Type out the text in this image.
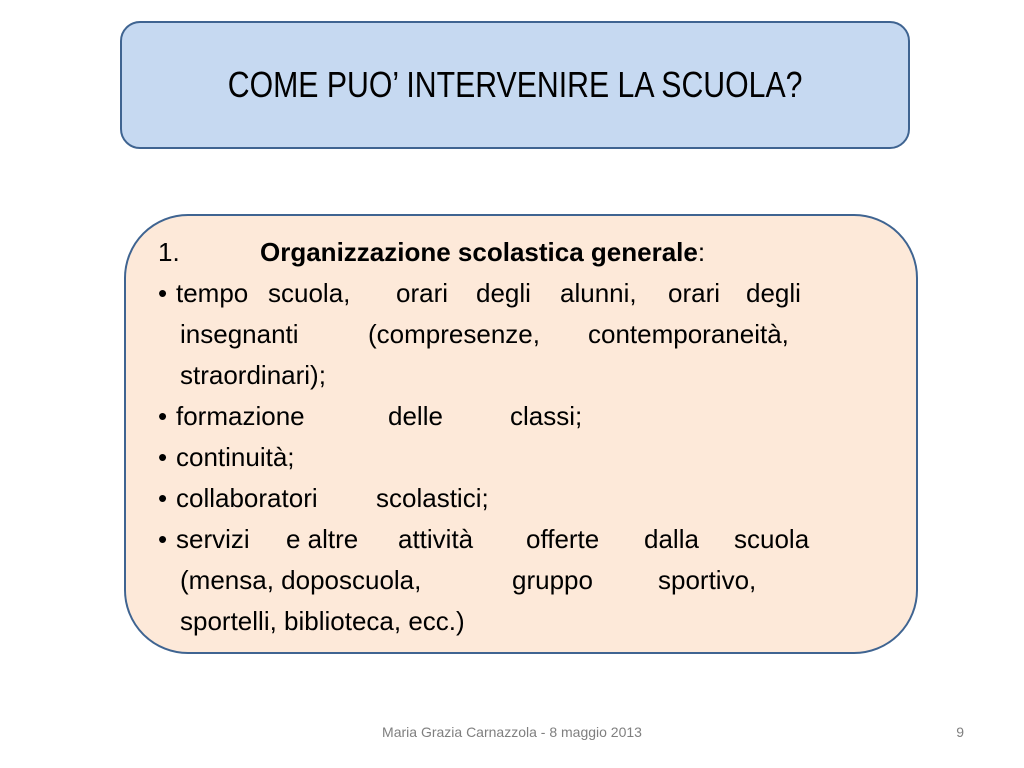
COME PUO’ INTERVENIRE LA SCUOLA?
1.	Organizzazione scolastica generale:
• tempo scuola, orari degli alunni, orari degli
insegnanti	(compresenze, contemporaneità,
straordinari);
• formazione	delle	classi;
• continuità;
• collaboratori scolastici;
• servizi e altre attività offerte dalla scuola
(mensa, doposcuola,	gruppo	sportivo,
sportelli, biblioteca, ecc.)
Maria Grazia Carnazzola - 8 maggio 2013	9
